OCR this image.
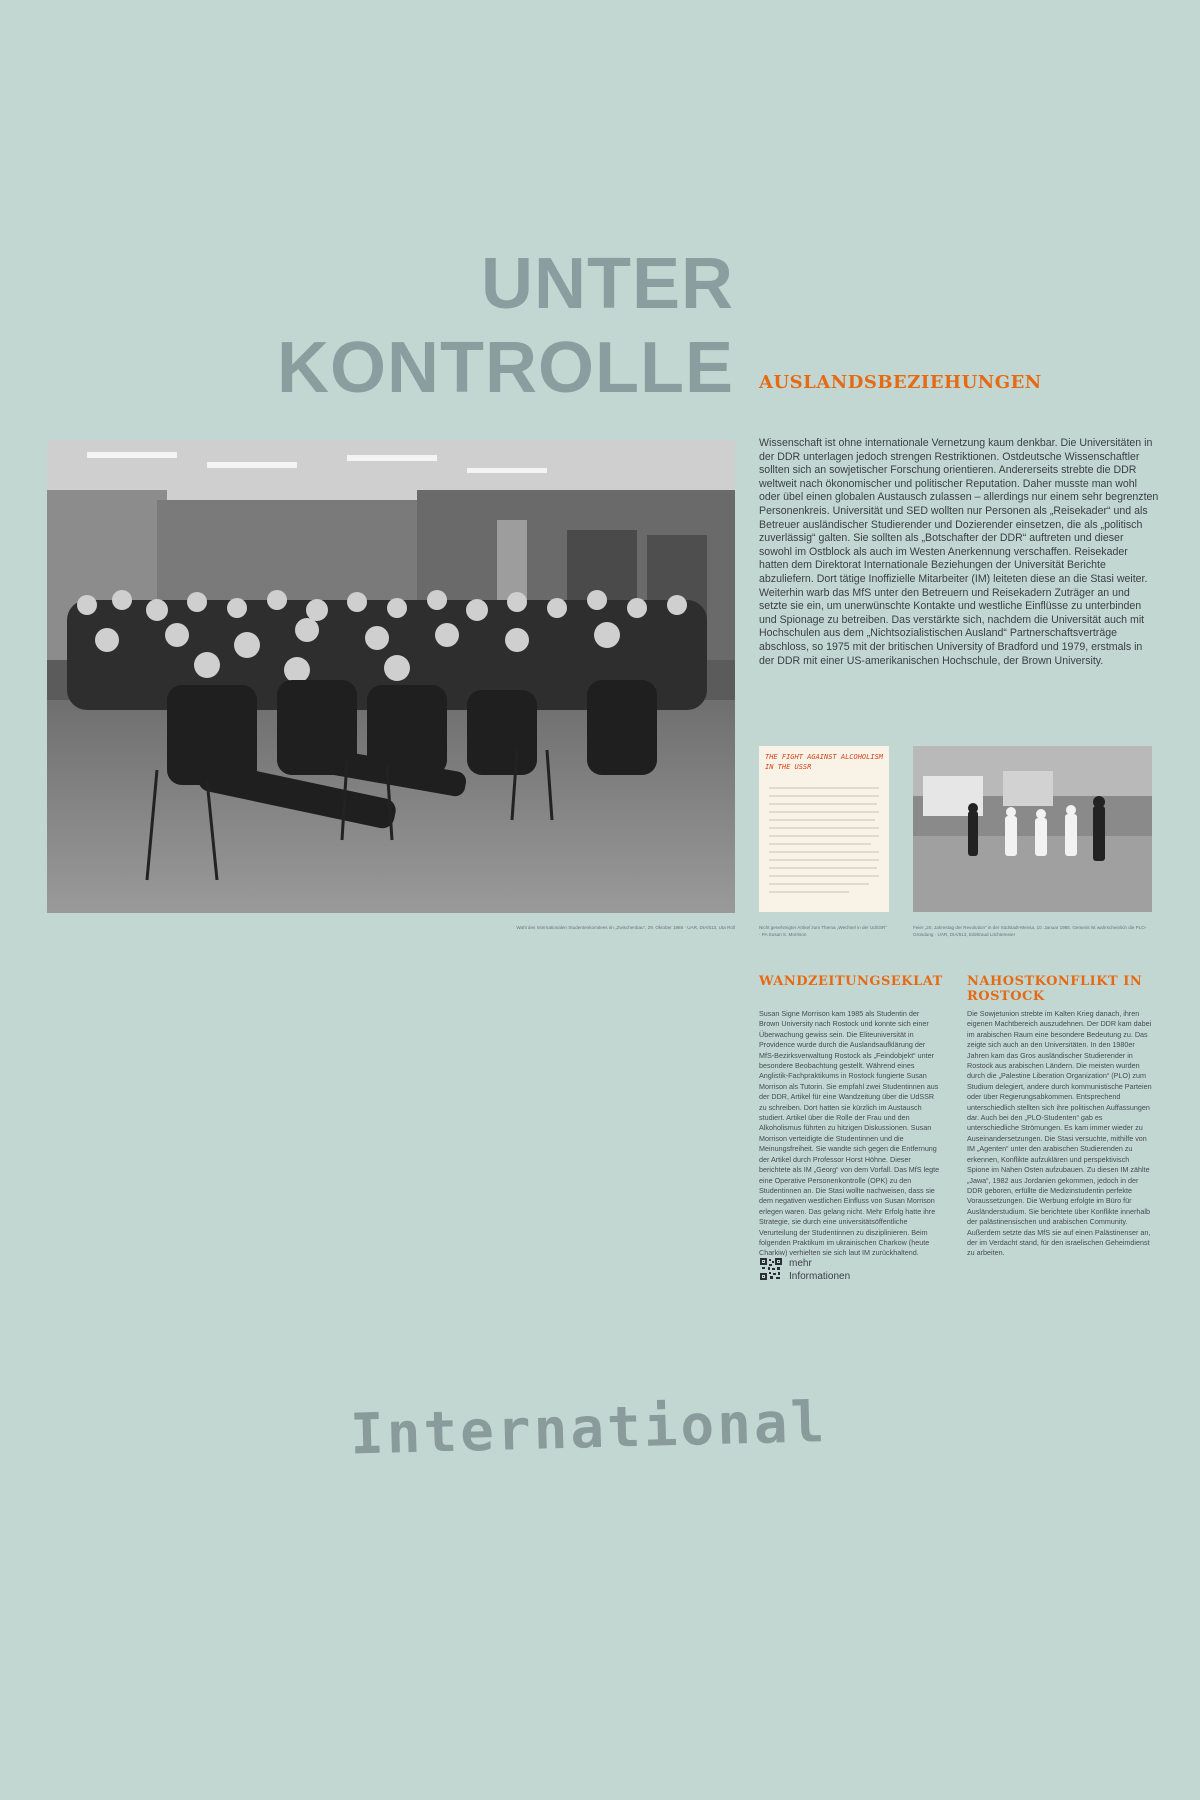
UNTER
KONTROLLE AUSLANDSBEZIEHUNGEN
Wissenschaft ist ohne internationale Vernetzung kaum denkbar. Die Universitäten in der DDR unterlagen jedoch strengen Restriktionen. Ostdeutsche Wissenschaftler sollten sich an sowjetischer Forschung orientieren. Andererseits strebte die DDR weltweit nach ökonomischer und politischer Reputation. Daher musste man wohl oder übel einen globalen Austausch zulassen – allerdings nur einem sehr begrenzten Personenkreis. Universität und SED wollten nur Personen als „Reisekader“ und als Betreuer ausländischer Studierender und Dozierender einsetzen, die als „politisch zuverlässig“ galten. Sie sollten als „Botschafter der DDR“ auftreten und dieser sowohl im Ostblock als auch im Westen Anerkennung verschaffen. Reisekader hatten dem Direktorat Internationale Beziehungen der Universität Berichte abzuliefern. Dort tätige Inoffizielle Mitarbeiter (IM) leiteten diese an die Stasi weiter. Weiterhin warb das MfS unter den Betreuern und Reisekadern Zuträger an und setzte sie ein, um unerwünschte Kontakte und westliche Einflüsse zu unterbinden und Spionage zu betreiben. Das verstärkte sich, nachdem die Universität auch mit Hochschulen aus dem „Nichtsozialistischen Ausland“ Partnerschaftsverträge abschloss, so 1975 mit der britischen University of Bradford und 1979, erstmals in der DDR mit einer US-amerikanischen Hochschule, der Brown University.
Wahl des Internationalen Studentenkomitees im „Zwischenbau“, 29. Oktober 1986 · UAR, DIA/513, Uta Roll
THE FIGHT AGAINST ALCOHOLISM IN THE USSR
Nicht genehmigter Artikel zum Thema „Wechsel in der UdSSR“ · PA Susan S. Morrison
Feier „20. Jahrestag der Revolution“ in der Südstadt-Mensa, 10. Januar 1985. Gemeint ist wahrscheinlich die PLO-Gründung · UAR, DIA/513, Edeltraud Lüchtemeier
WANDZEITUNGSEKLAT
Susan Signe Morrison kam 1985 als Studentin der Brown University nach Rostock und konnte sich einer Überwachung gewiss sein. Die Eliteuniversität in Providence wurde durch die Auslandsaufklärung der MfS-Bezirksverwaltung Rostock als „Feindobjekt“ unter besondere Beobachtung gestellt. Während eines Anglistik-Fachpraktikums in Rostock fungierte Susan Morrison als Tutorin. Sie empfahl zwei Studentinnen aus der DDR, Artikel für eine Wandzeitung über die UdSSR zu schreiben. Dort hatten sie kürzlich im Austausch studiert. Artikel über die Rolle der Frau und den Alkoholismus führten zu hitzigen Diskussionen. Susan Morrison verteidigte die Studentinnen und die Meinungsfreiheit. Sie wandte sich gegen die Entfernung der Artikel durch Professor Horst Höhne. Dieser berichtete als IM „Georg“ von dem Vorfall. Das MfS legte eine Operative Personenkontrolle (OPK) zu den Studentinnen an. Die Stasi wollte nachweisen, dass sie dem negativen westlichen Einfluss von Susan Morrison erlegen waren. Das gelang nicht. Mehr Erfolg hatte ihre Strategie, sie durch eine universitätsöffentliche Verurteilung der Studentinnen zu disziplinieren. Beim folgenden Praktikum im ukrainischen Charkow (heute Charkiw) verhielten sie sich laut IM zurückhaltend.
NAHOSTKONFLIKT IN ROSTOCK
Die Sowjetunion strebte im Kalten Krieg danach, ihren eigenen Machtbereich auszudehnen. Der DDR kam dabei im arabischen Raum eine besondere Bedeutung zu. Das zeigte sich auch an den Universitäten. In den 1980er Jahren kam das Gros ausländischer Studierender in Rostock aus arabischen Ländern. Die meisten wurden durch die „Palestine Liberation Organization“ (PLO) zum Studium delegiert, andere durch kommunistische Parteien oder über Regierungsabkommen. Entsprechend unterschiedlich stellten sich ihre politischen Auffassungen dar. Auch bei den „PLO-Studenten“ gab es unterschiedliche Strömungen. Es kam immer wieder zu Auseinandersetzungen. Die Stasi versuchte, mithilfe von IM „Agenten“ unter den arabischen Studierenden zu erkennen, Konflikte aufzuklären und perspektivisch Spione im Nahen Osten aufzubauen. Zu diesen IM zählte „Jawa“, 1982 aus Jordanien gekommen, jedoch in der DDR geboren, erfüllte die Medizinstudentin perfekte Voraussetzungen. Die Werbung erfolgte im Büro für Ausländerstudium. Sie berichtete über Konflikte innerhalb der palästinensischen und arabischen Community. Außerdem setzte das MfS sie auf einen Palästinenser an, der im Verdacht stand, für den israelischen Geheimdienst zu arbeiten.
mehr
Informationen
International
